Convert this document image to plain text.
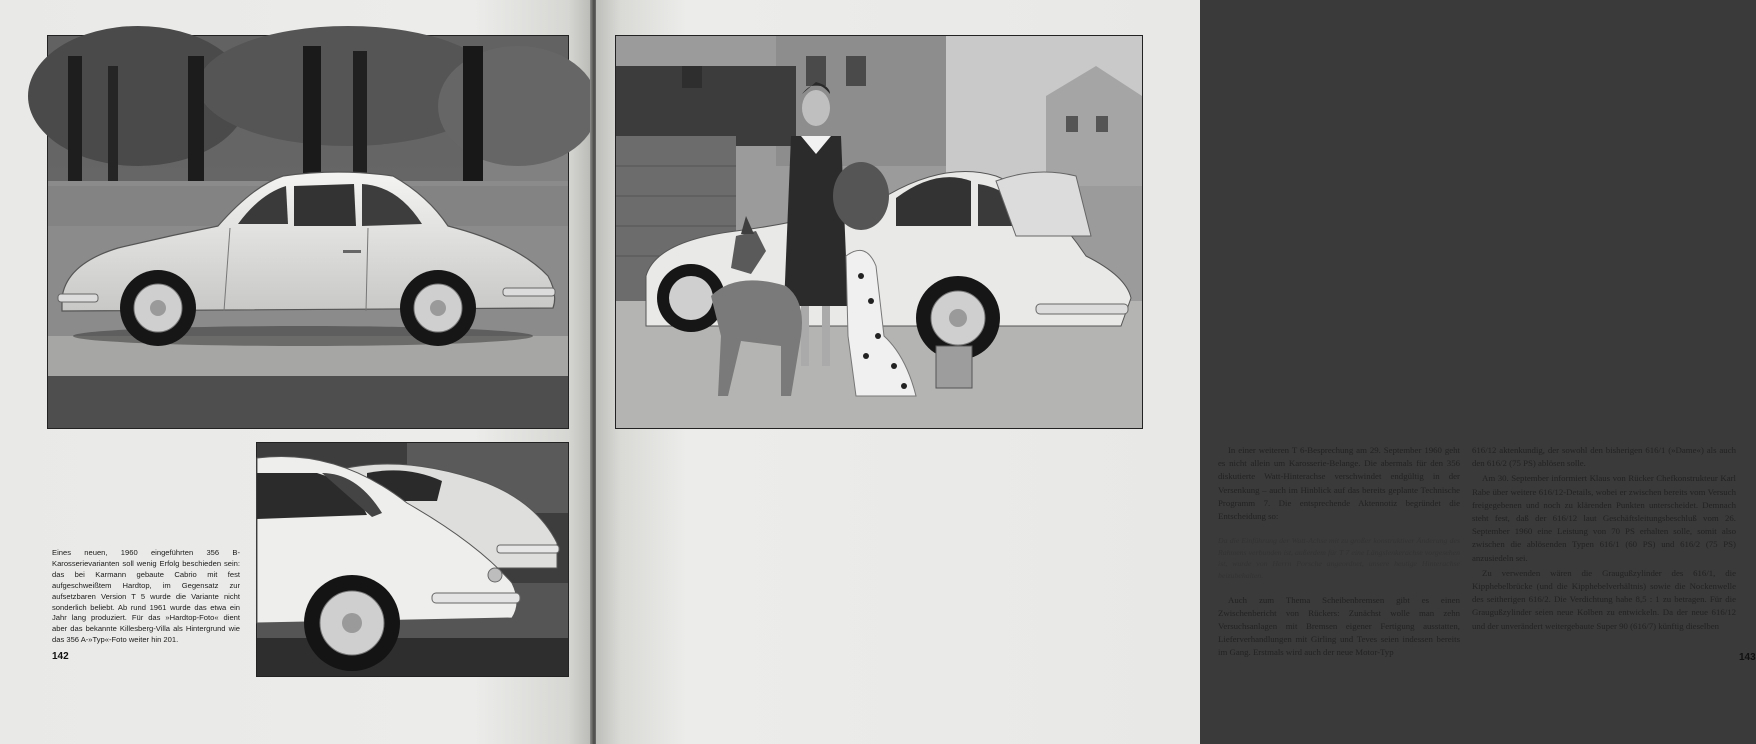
Eines neuen, 1960 eingeführten 356 B-Karosserievarianten soll wenig Erfolg beschieden sein: das bei Karmann gebaute Cabrio mit fest aufgeschweißtem Hardtop, im Gegensatz zur aufsetzbaren Version T 5 wurde die Variante nicht sonderlich beliebt. Ab rund 1961 wurde das etwa ein Jahr lang produziert. Für das »Hardtop-Foto« dient aber das bekannte Killesberg-Villa als Hintergrund wie das 356 A-»Typ«-Foto weiter hin 201.
142

In einer weiteren T 6-Besprechung am 29. September 1960 geht es nicht allein um Karosserie-Belange. Die abermals für den 356 diskutierte Watt-Hinterachse verschwindet endgültig in der Versenkung – auch im Hinblick auf das bereits geplante Technische Programm 7. Die entsprechende Aktennotiz begründet die Entscheidung so:

Da die Einführung der Watt-Achse mit zu großer konstruktiver Änderung des Rahmens verbunden ist, außerdem für T 7 eine Längslenkerachse vorgesehen ist, wurde von Herrn Porsche angeordnet, unsere heutige Hinterachse beizubehalten.

Auch zum Thema Scheibenbremsen gibt es einen Zwischenbericht von Rückers: Zunächst wolle man zehn Versuchsanlagen mit Bremsen eigener Fertigung ausstatten, Lieferverhandlungen mit Girling und Teves seien indessen bereits im Gang. Erstmals wird auch der neue Motor-Typ

616/12 aktenkundig, der sowohl den bisherigen 616/1 (»Dame«) als auch den 616/2 (75 PS) ablösen solle.

Am 30. September informiert Klaus von Rücker Chefkonstrukteur Karl Rabe über weitere 616/12-Details, wobei er zwischen bereits vom Versuch freigegebenen und noch zu klärenden Punkten unterscheidet. Demnach steht fest, daß der 616/12 laut Geschäftsleitungsbeschluß vom 26. September 1960 eine Leistung von 70 PS erhalten solle, somit also zwischen die ablösenden Typen 616/1 (60 PS) und 616/2 (75 PS) anzusiedeln sei.

Zu verwenden wären die Graugußzylinder des 616/1, die Kipphebelbrücke (und die Kipphebelverhältnis) sowie die Nockenwelle des seitherigen 616/2. Die Verdichtung habe 8,5 : 1 zu betragen. Für die Graugußzylinder seien neue Kolben zu entwickeln. Da der neue 616/12 und der unverändert weitergebaute Super 90 (616/7) künftig dieselben

143
